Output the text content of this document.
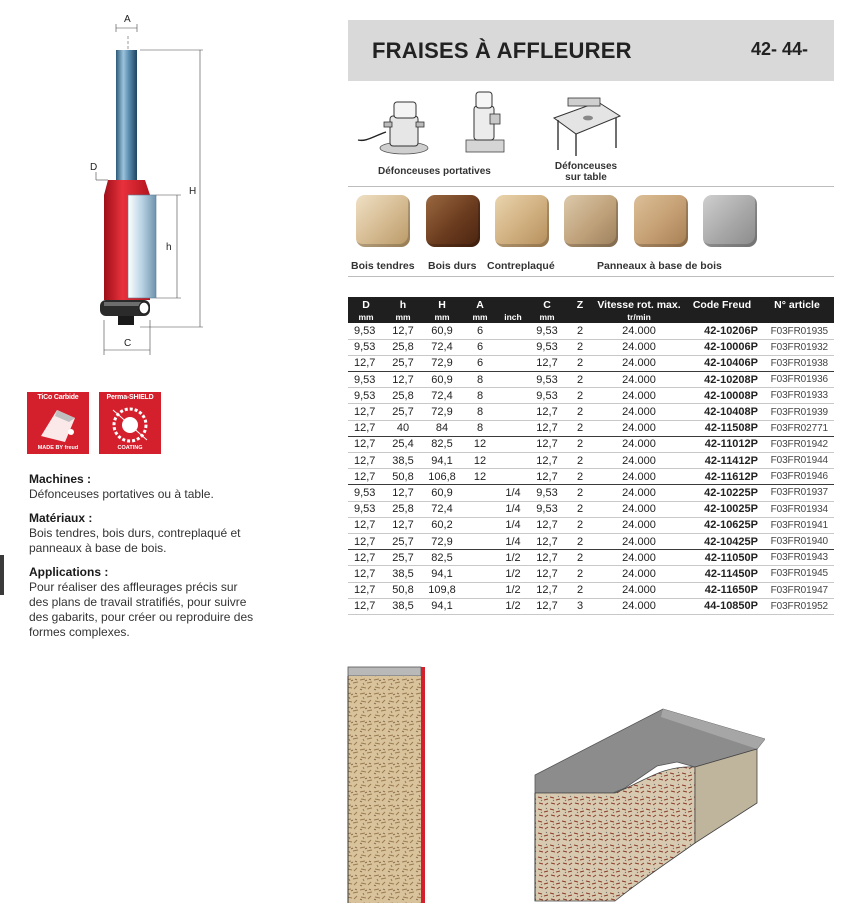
A
D
H
h
C
TiCo Carbide
MADE BY freud
Perma-SHIELD
COATING
Machines :
Défonceuses portatives ou à table.
Matériaux :
Bois tendres, bois durs, contreplaqué et panneaux à base de bois.
Applications :
Pour réaliser des affleurages précis sur des plans de travail stratifiés, pour suivre des gabarits, pour créer ou reproduire des formes complexes.
FRAISES À AFFLEURER	42- 44-
Défonceuses portatives	Défonceuses
sur table
Bois tendres Bois durs Contreplaqué	Panneaux à base de bois
D	h	H	A		C	Z	Vitesse rot. max.	Code Freud	N° article
mm	mm	mm	mm	inch	mm		tr/min		
9,53	12,7	60,9	6		9,53	2	24.000	42-10206P	F03FR01935
9,53	25,8	72,4	6		9,53	2	24.000	42-10006P	F03FR01932
12,7	25,7	72,9	6		12,7	2	24.000	42-10406P	F03FR01938
9,53	12,7	60,9	8		9,53	2	24.000	42-10208P	F03FR01936
9,53	25,8	72,4	8		9,53	2	24.000	42-10008P	F03FR01933
12,7	25,7	72,9	8		12,7	2	24.000	42-10408P	F03FR01939
12,7	40	84	8		12,7	2	24.000	42-11508P	F03FR02771
12,7	25,4	82,5	12		12,7	2	24.000	42-11012P	F03FR01942
12,7	38,5	94,1	12		12,7	2	24.000	42-11412P	F03FR01944
12,7	50,8	106,8	12		12,7	2	24.000	42-11612P	F03FR01946
9,53	12,7	60,9		1/4	9,53	2	24.000	42-10225P	F03FR01937
9,53	25,8	72,4		1/4	9,53	2	24.000	42-10025P	F03FR01934
12,7	12,7	60,2		1/4	12,7	2	24.000	42-10625P	F03FR01941
12,7	25,7	72,9		1/4	12,7	2	24.000	42-10425P	F03FR01940
12,7	25,7	82,5		1/2	12,7	2	24.000	42-11050P	F03FR01943
12,7	38,5	94,1		1/2	12,7	2	24.000	42-11450P	F03FR01945
12,7	50,8	109,8		1/2	12,7	2	24.000	42-11650P	F03FR01947
12,7	38,5	94,1		1/2	12,7	3	24.000	44-10850P	F03FR01952
